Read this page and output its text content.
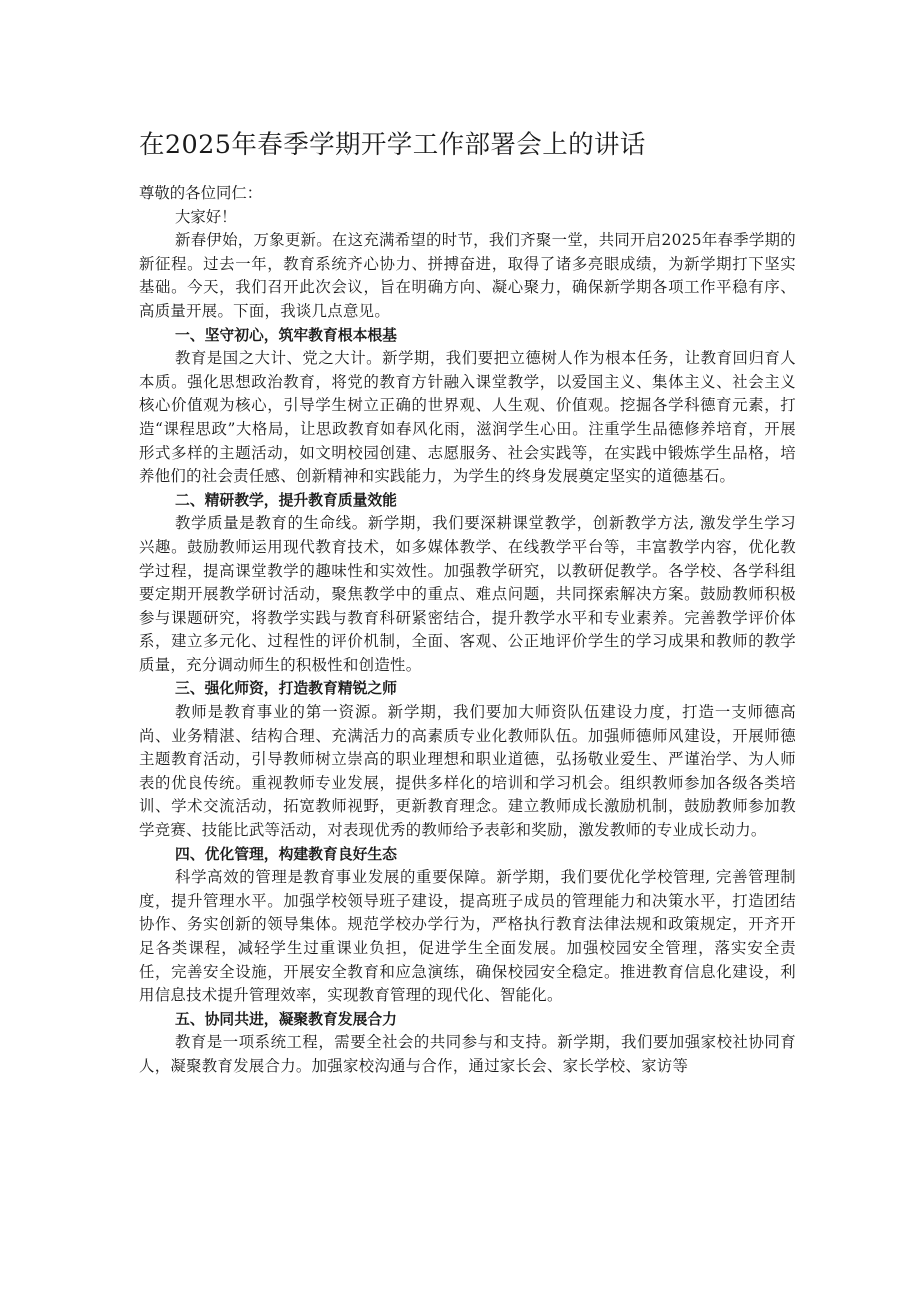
在2025年春季学期开学工作部署会上的讲话

尊敬的各位同仁：

大家好！

新春伊始，万象更新。在这充满希望的时节，我们齐聚一堂，共同开启2025年春季学期的新征程。过去一年，教育系统齐心协力、拼搏奋进，取得了诸多亮眼成绩，为新学期打下坚实基础。今天，我们召开此次会议，旨在明确方向、凝心聚力，确保新学期各项工作平稳有序、高质量开展。下面，我谈几点意见。

一、坚守初心，筑牢教育根本根基

教育是国之大计、党之大计。新学期，我们要把立德树人作为根本任务，让教育回归育人本质。强化思想政治教育，将党的教育方针融入课堂教学，以爱国主义、集体主义、社会主义核心价值观为核心，引导学生树立正确的世界观、人生观、价值观。挖掘各学科德育元素，打造“课程思政”大格局，让思政教育如春风化雨，滋润学生心田。注重学生品德修养培育，开展形式多样的主题活动，如文明校园创建、志愿服务、社会实践等，在实践中锻炼学生品格，培养他们的社会责任感、创新精神和实践能力，为学生的终身发展奠定坚实的道德基石。

二、精研教学，提升教育质量效能

教学质量是教育的生命线。新学期，我们要深耕课堂教学，创新教学方法, 激发学生学习兴趣。鼓励教师运用现代教育技术，如多媒体教学、在线教学平台等，丰富教学内容，优化教学过程，提高课堂教学的趣味性和实效性。加强教学研究，以教研促教学。各学校、各学科组要定期开展教学研讨活动，聚焦教学中的重点、难点问题，共同探索解决方案。鼓励教师积极参与课题研究，将教学实践与教育科研紧密结合，提升教学水平和专业素养。完善教学评价体系，建立多元化、过程性的评价机制，全面、客观、公正地评价学生的学习成果和教师的教学质量，充分调动师生的积极性和创造性。

三、强化师资，打造教育精锐之师

教师是教育事业的第一资源。新学期，我们要加大师资队伍建设力度，打造一支师德高尚、业务精湛、结构合理、充满活力的高素质专业化教师队伍。加强师德师风建设，开展师德主题教育活动，引导教师树立崇高的职业理想和职业道德，弘扬敬业爱生、严谨治学、为人师表的优良传统。重视教师专业发展，提供多样化的培训和学习机会。组织教师参加各级各类培训、学术交流活动，拓宽教师视野，更新教育理念。建立教师成长激励机制，鼓励教师参加教学竞赛、技能比武等活动，对表现优秀的教师给予表彰和奖励，激发教师的专业成长动力。

四、优化管理，构建教育良好生态

科学高效的管理是教育事业发展的重要保障。新学期，我们要优化学校管理, 完善管理制度，提升管理水平。加强学校领导班子建设，提高班子成员的管理能力和决策水平，打造团结协作、务实创新的领导集体。规范学校办学行为，严格执行教育法律法规和政策规定，开齐开足各类课程，减轻学生过重课业负担，促进学生全面发展。加强校园安全管理，落实安全责任，完善安全设施，开展安全教育和应急演练，确保校园安全稳定。推进教育信息化建设，利用信息技术提升管理效率，实现教育管理的现代化、智能化。

五、协同共进，凝聚教育发展合力

教育是一项系统工程，需要全社会的共同参与和支持。新学期，我们要加强家校社协同育人，凝聚教育发展合力。加强家校沟通与合作，通过家长会、家长学校、家访等
